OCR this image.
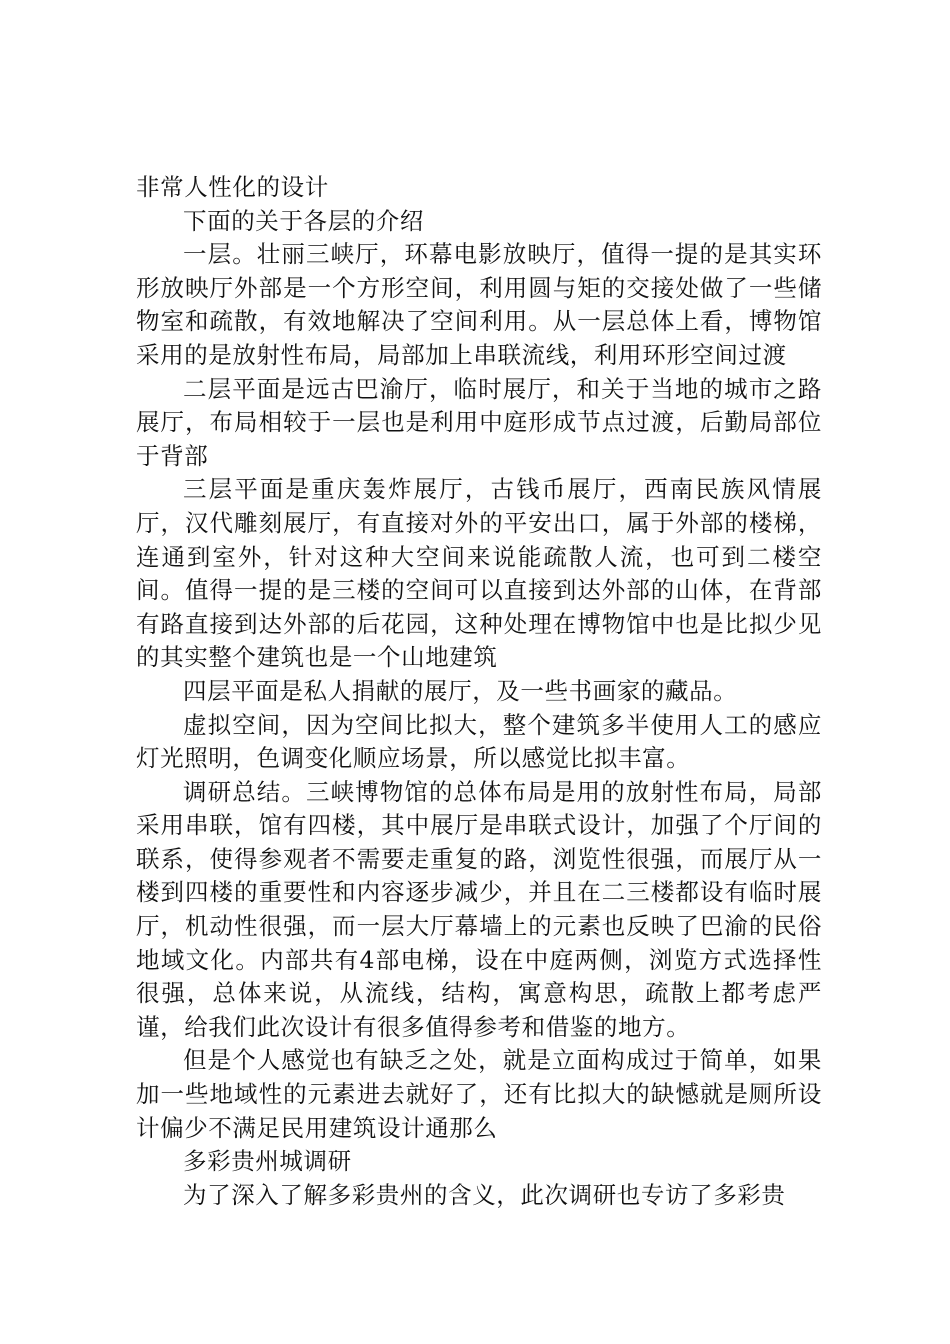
非常人性化的设计

下面的关于各层的介绍

一层。壮丽三峡厅，环幕电影放映厅，值得一提的是其实环形放映厅外部是一个方形空间，利用圆与矩的交接处做了一些储物室和疏散，有效地解决了空间利用。从一层总体上看，博物馆采用的是放射性布局，局部加上串联流线，利用环形空间过渡

二层平面是远古巴渝厅，临时展厅，和关于当地的城市之路展厅，布局相较于一层也是利用中庭形成节点过渡，后勤局部位于背部

三层平面是重庆轰炸展厅，古钱币展厅，西南民族风情展厅，汉代雕刻展厅，有直接对外的平安出口，属于外部的楼梯，连通到室外，针对这种大空间来说能疏散人流，也可到二楼空间。值得一提的是三楼的空间可以直接到达外部的山体，在背部有路直接到达外部的后花园，这种处理在博物馆中也是比拟少见的其实整个建筑也是一个山地建筑

四层平面是私人捐献的展厅，及一些书画家的藏品。

虚拟空间，因为空间比拟大，整个建筑多半使用人工的感应灯光照明，色调变化顺应场景，所以感觉比拟丰富。

调研总结。三峡博物馆的总体布局是用的放射性布局，局部采用串联，馆有四楼，其中展厅是串联式设计，加强了个厅间的联系，使得参观者不需要走重复的路，浏览性很强，而展厅从一楼到四楼的重要性和内容逐步减少，并且在二三楼都设有临时展厅，机动性很强，而一层大厅幕墙上的元素也反映了巴渝的民俗地域文化。内部共有4部电梯，设在中庭两侧，浏览方式选择性很强，总体来说，从流线，结构，寓意构思，疏散上都考虑严谨，给我们此次设计有很多值得参考和借鉴的地方。

但是个人感觉也有缺乏之处，就是立面构成过于简单，如果加一些地域性的元素进去就好了，还有比拟大的缺憾就是厕所设计偏少不满足民用建筑设计通那么

多彩贵州城调研

为了深入了解多彩贵州的含义，此次调研也专访了多彩贵
